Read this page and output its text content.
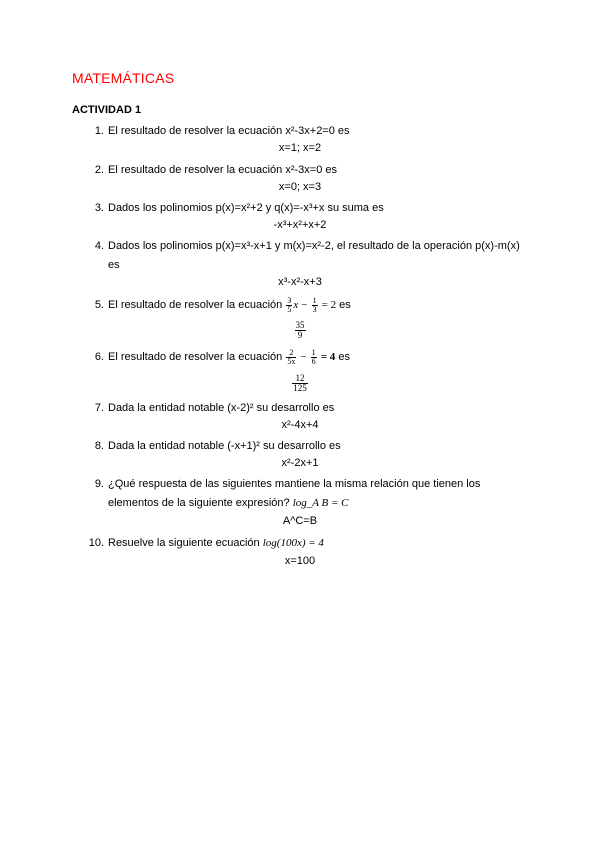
MATEMÁTICAS
ACTIVIDAD 1
1. El resultado de resolver la ecuación x²-3x+2=0 es
x=1; x=2
2. El resultado de resolver la ecuación x²-3x=0 es
x=0; x=3
3. Dados los polinomios p(x)=x²+2 y q(x)=-x³+x su suma es
-x³+x²+x+2
4. Dados los polinomios p(x)=x³-x+1 y m(x)=x²-2, el resultado de la operación p(x)-m(x) es
x³-x²-x+3
5. El resultado de resolver la ecuación $\frac{3}{5}$ $x - \frac{1}{3} = 2$ es
$\frac{35}{9}$
6. El resultado de resolver la ecuación $\frac{2}{5x} - \frac{1}{6} = 4$ es
$\frac{12}{125}$
7. Dada la entidad notable (x-2)² su desarrollo es
x²-4x+4
8. Dada la entidad notable (-x+1)² su desarrollo es
x²-2x+1
9. ¿Qué respuesta de las siguientes mantiene la misma relación que tienen los elementos de la siguiente expresión? log_A B = C
A^C=B
10. Resuelve la siguiente ecuación log(100x) = 4
x=100
